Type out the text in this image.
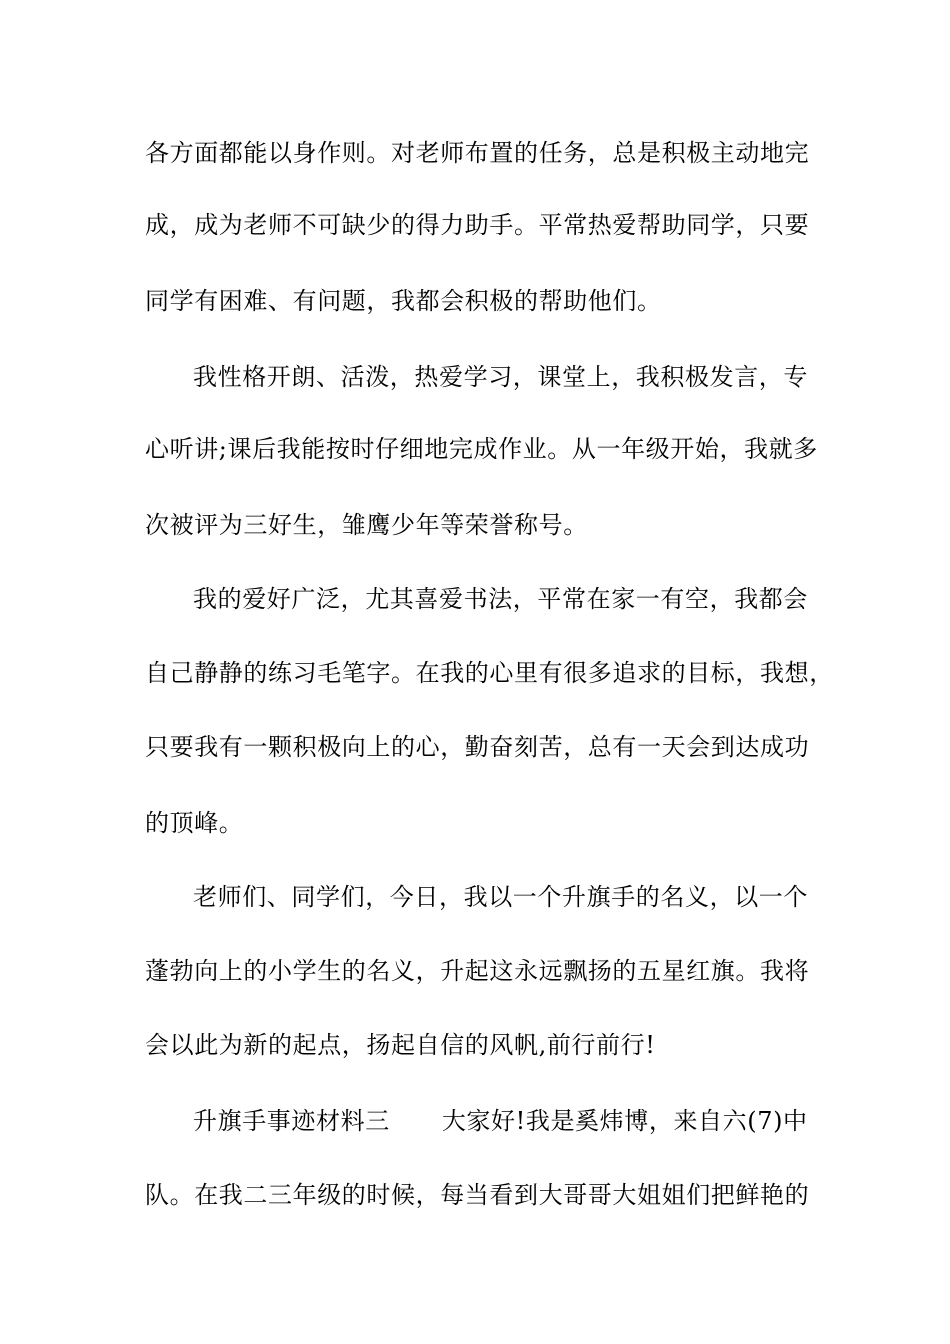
各方面都能以身作则。对老师布置的任务，总是积极主动地完
成，成为老师不可缺少的得力助手。平常热爱帮助同学，只要
同学有困难、有问题，我都会积极的帮助他们。
我性格开朗、活泼，热爱学习，课堂上，我积极发言，专
心听讲;课后我能按时仔细地完成作业。从一年级开始，我就多
次被评为三好生，雏鹰少年等荣誉称号。
我的爱好广泛，尤其喜爱书法，平常在家一有空，我都会
自己静静的练习毛笔字。在我的心里有很多追求的目标，我想，
只要我有一颗积极向上的心，勤奋刻苦，总有一天会到达成功
的顶峰。
老师们、同学们，今日，我以一个升旗手的名义，以一个
蓬勃向上的小学生的名义，升起这永远飘扬的五星红旗。我将
会以此为新的起点，扬起自信的风帆,前行前行!
升旗手事迹材料三 大家好!我是奚炜博，来自六(7)中
队。在我二三年级的时候，每当看到大哥哥大姐姐们把鲜艳的
